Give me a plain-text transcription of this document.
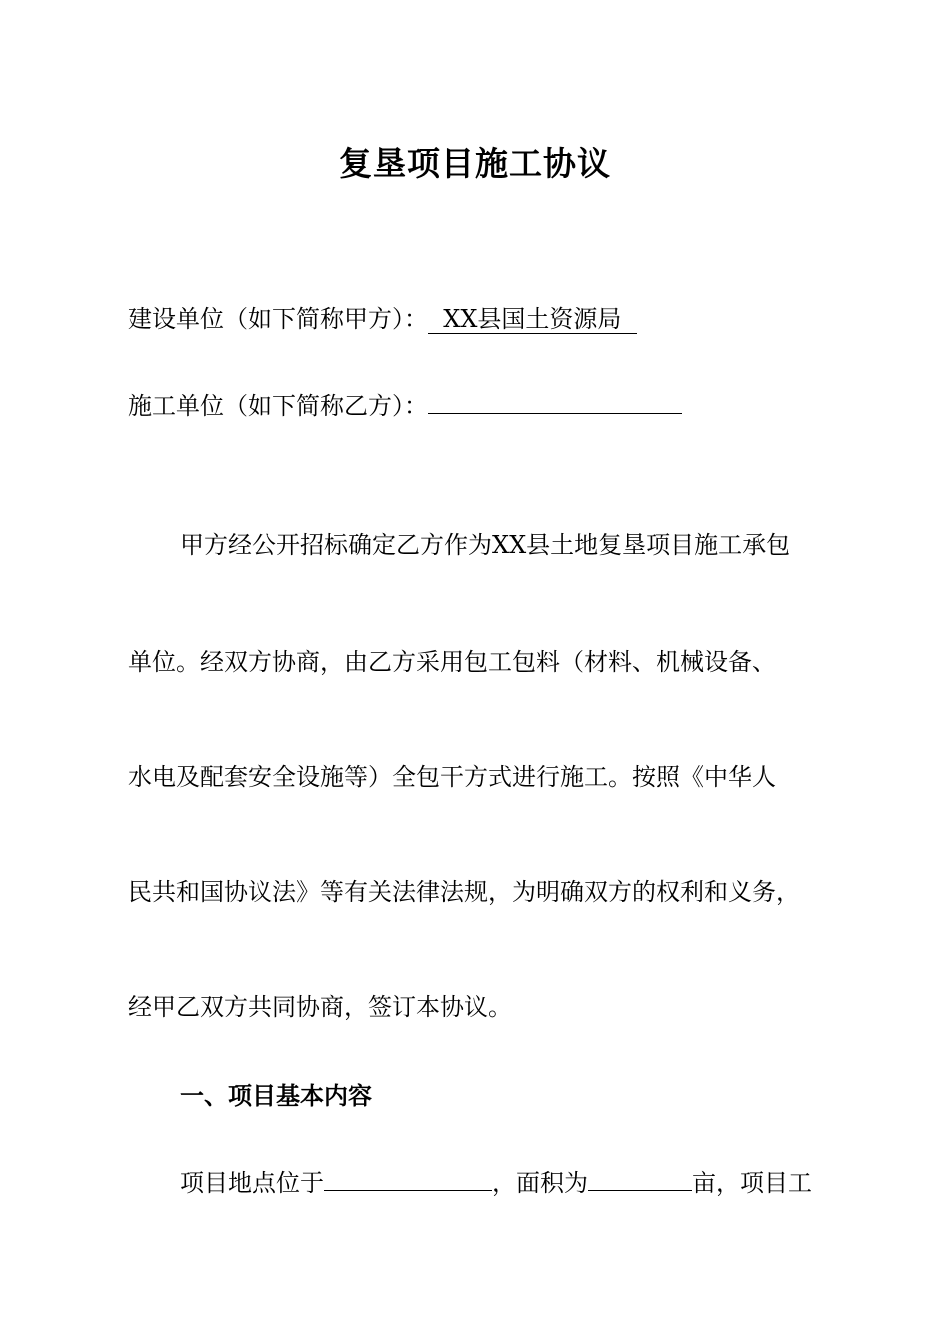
复垦项目施工协议
建设单位（如下简称甲方）：  XX县国土资源局
施工单位（如下简称乙方）：
甲方经公开招标确定乙方作为XX县土地复垦项目施工承包
单位。经双方协商，由乙方采用包工包料（材料、机械设备、
水电及配套安全设施等）全包干方式进行施工。按照《中华人
民共和国协议法》等有关法律法规，为明确双方的权利和义务，
经甲乙双方共同协商，签订本协议。
一、项目基本内容
项目地点位于	，面积为	亩，项目工
